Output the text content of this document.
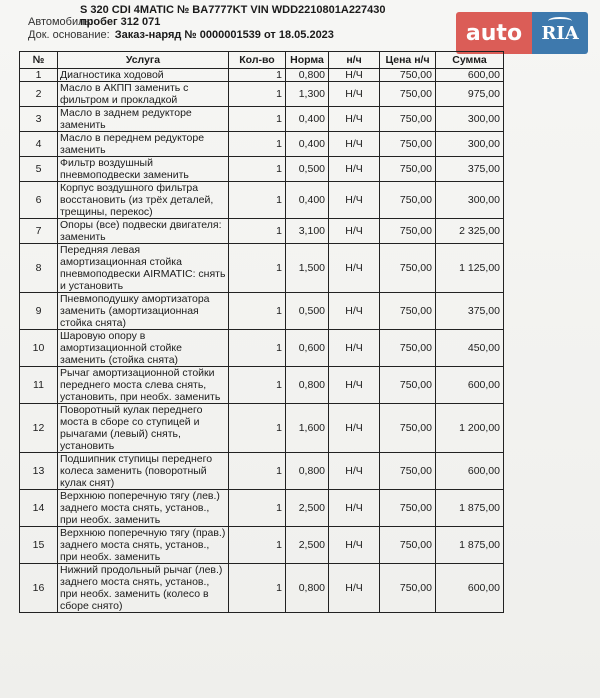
S 320 CDI 4MATIC № BA7777KT VIN WDD2210801A227430
Автомобиль:
пробег 312 071
Док. основание: Заказ-наряд № 0000001539 от 18.05.2023	auto	RIA
№	Услуга	Кол-во	Норма	н/ч	Цена н/ч	Сумма
1	Диагностика ходовой	1	0,800	Н/Ч	750,00	600,00
2	Масло в АКПП заменить с фильтром и прокладкой	1	1,300	Н/Ч	750,00	975,00
3	Масло в заднем редукторе заменить	1	0,400	Н/Ч	750,00	300,00
4	Масло в переднем редукторе заменить	1	0,400	Н/Ч	750,00	300,00
5	Фильтр воздушный пневмоподвески заменить	1	0,500	Н/Ч	750,00	375,00
6	Корпус воздушного фильтра восстановить (из трёх деталей, трещины, перекос)	1	0,400	Н/Ч	750,00	300,00
7	Опоры (все) подвески двигателя: заменить	1	3,100	Н/Ч	750,00	2 325,00
8	Передняя левая амортизационная стойка пневмоподвески AIRMATIC: снять и установить	1	1,500	Н/Ч	750,00	1 125,00
9	Пневмоподушку амортизатора заменить (амортизационная стойка снята)	1	0,500	Н/Ч	750,00	375,00
10	Шаровую опору в амортизационной стойке заменить (стойка снята)	1	0,600	Н/Ч	750,00	450,00
11	Рычаг амортизационной стойки переднего моста слева снять, установить, при необх. заменить	1	0,800	Н/Ч	750,00	600,00
12	Поворотный кулак переднего моста в сборе со ступицей и рычагами (левый) снять, установить	1	1,600	Н/Ч	750,00	1 200,00
13	Подшипник ступицы переднего колеса заменить (поворотный кулак снят)	1	0,800	Н/Ч	750,00	600,00
14	Верхнюю поперечную тягу (лев.) заднего моста снять, установ., при необх. заменить	1	2,500	Н/Ч	750,00	1 875,00
15	Верхнюю поперечную тягу (прав.) заднего моста снять, установ., при необх. заменить	1	2,500	Н/Ч	750,00	1 875,00
16	Нижний продольный рычаг (лев.) заднего моста снять, установ., при необх. заменить (колесо в сборе снято)	1	0,800	Н/Ч	750,00	600,00
